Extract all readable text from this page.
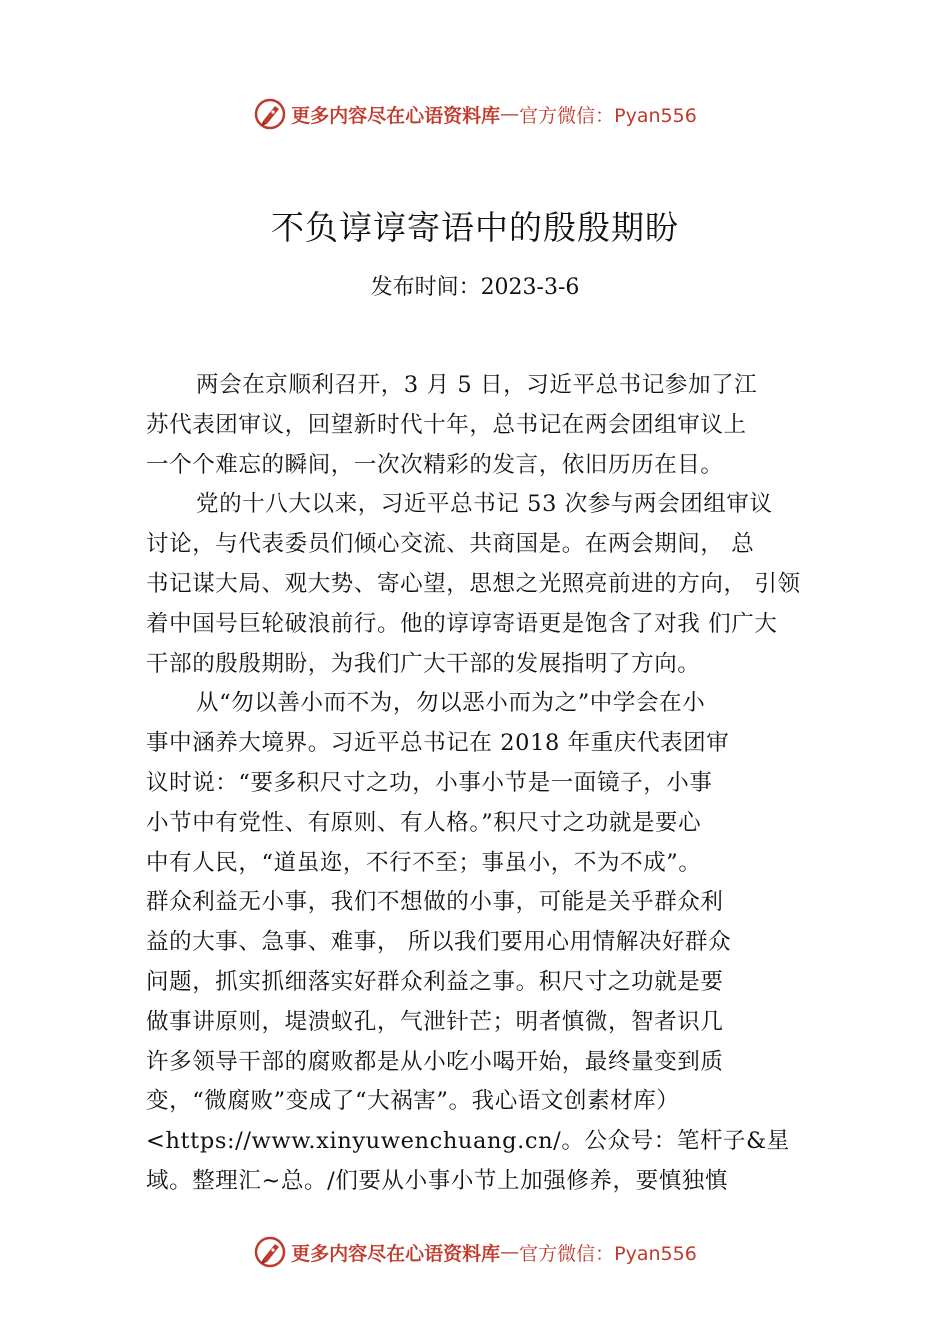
更多内容尽在心语资料库 — 官方微信：Pyan556
不负谆谆寄语中的殷殷期盼
发布时间：2023-3-6
两会在京顺利召开，3 月 5 日，习近平总书记参加了江
苏代表团审议，回望新时代十年，总书记在两会团组审议上
一个个难忘的瞬间，一次次精彩的发言，依旧历历在目。
党的十八大以来，习近平总书记 53 次参与两会团组审议
讨论，与代表委员们倾心交流、共商国是。在两会期间， 总
书记谋大局、观大势、寄心望，思想之光照亮前进的方向， 引领
着中国号巨轮破浪前行。他的谆谆寄语更是饱含了对我 们广大
干部的殷殷期盼，为我们广大干部的发展指明了方向。
从“勿以善小而不为，勿以恶小而为之”中学会在小
事中涵养大境界。习近平总书记在 2018 年重庆代表团审
议时说：“要多积尺寸之功，小事小节是一面镜子，小事
小节中有党性、有原则、有人格。”积尺寸之功就是要心
中有人民，“道虽迩，不行不至；事虽小，不为不成”。
群众利益无小事，我们不想做的小事，可能是关乎群众利
益的大事、急事、难事， 所以我们要用心用情解决好群众
问题，抓实抓细落实好群众利益之事。积尺寸之功就是要
做事讲原则，堤溃蚁孔，气泄针芒；明者慎微，智者识几
许多领导干部的腐败都是从小吃小喝开始，最终量变到质
变，“微腐败”变成了“大祸害”。我心语文创素材库）
<https://www.xinyuwenchuang.cn/。公众号：笔杆子&星
域。整理汇~总。/们要从小事小节上加强修养，要慎独慎
更多内容尽在心语资料库 — 官方微信：Pyan556
